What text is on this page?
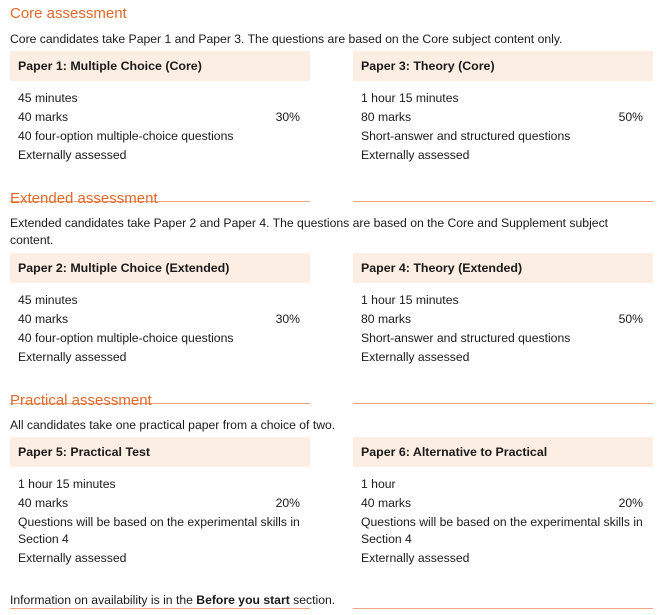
Core assessment
Core candidates take Paper 1 and Paper 3. The questions are based on the Core subject content only.
Paper 1: Multiple Choice (Core)
45 minutes
40 marks	30%
40 four-option multiple-choice questions
Externally assessed
Paper 3: Theory (Core)
1 hour 15 minutes
80 marks	50%
Short-answer and structured questions
Externally assessed
Extended assessment
Extended candidates take Paper 2 and Paper 4. The questions are based on the Core and Supplement subject content.
Paper 2: Multiple Choice (Extended)
45 minutes
40 marks	30%
40 four-option multiple-choice questions
Externally assessed
Paper 4: Theory (Extended)
1 hour 15 minutes
80 marks	50%
Short-answer and structured questions
Externally assessed
Practical assessment
All candidates take one practical paper from a choice of two.
Paper 5: Practical Test
1 hour 15 minutes
40 marks	20%
Questions will be based on the experimental skills in Section 4
Externally assessed
Paper 6: Alternative to Practical
1 hour
40 marks	20%
Questions will be based on the experimental skills in Section 4
Externally assessed
Information on availability is in the Before you start section.
